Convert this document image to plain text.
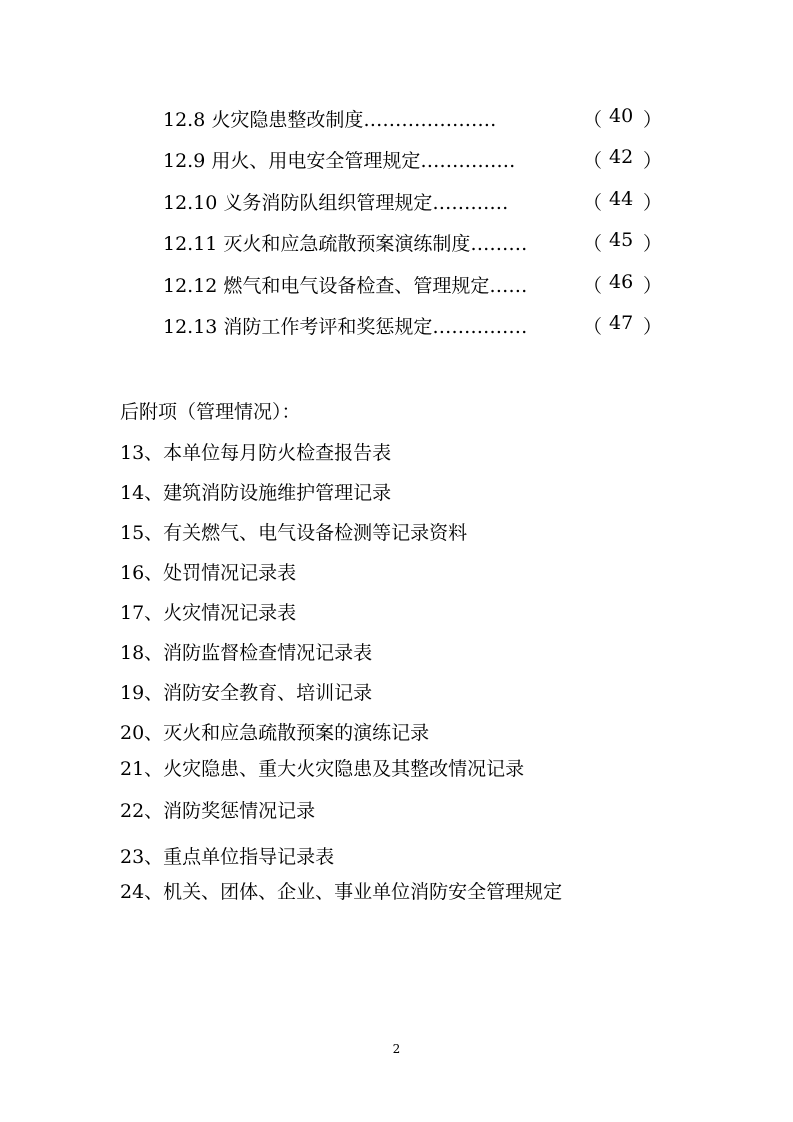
12.8 火灾隐患整改制度…………………	（ 40 ）
12.9 用火、用电安全管理规定……………	（ 42 ）
12.10 义务消防队组织管理规定…………	（ 44 ）
12.11 灭火和应急疏散预案演练制度………	（ 45 ）
12.12 燃气和电气设备检查、管理规定……	（ 46 ）
12.13 消防工作考评和奖惩规定……………	（ 47 ）
后附项（管理情况）：
13、本单位每月防火检查报告表
14、建筑消防设施维护管理记录
15、有关燃气、电气设备检测等记录资料
16、处罚情况记录表
17、火灾情况记录表
18、消防监督检查情况记录表
19、消防安全教育、培训记录
20、灭火和应急疏散预案的演练记录
21、火灾隐患、重大火灾隐患及其整改情况记录
22、消防奖惩情况记录
23、重点单位指导记录表
24、机关、团体、企业、事业单位消防安全管理规定
2
